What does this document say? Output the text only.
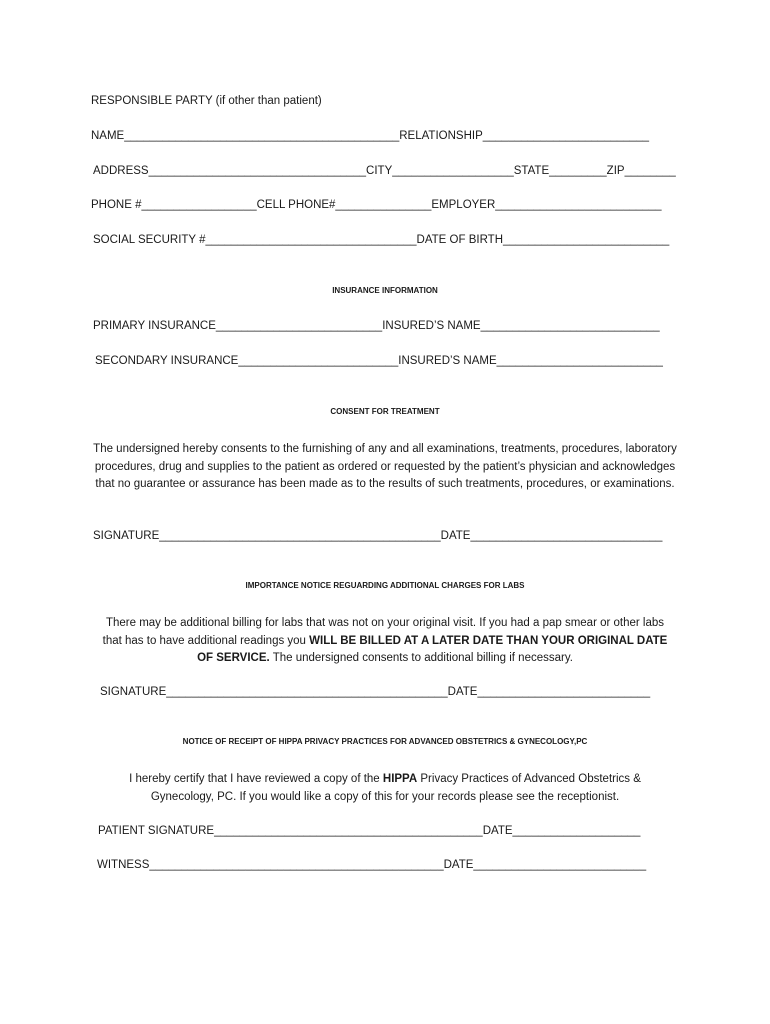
RESPONSIBLE PARTY (if other than patient)
NAME___________________________________________RELATIONSHIP__________________________
ADDRESS__________________________________CITY___________________STATE_________ZIP________
PHONE #__________________CELL PHONE#_______________EMPLOYER__________________________
SOCIAL SECURITY #_________________________________DATE OF BIRTH__________________________
INSURANCE INFORMATION
PRIMARY INSURANCE__________________________INSURED’S NAME____________________________
SECONDARY INSURANCE_________________________INSURED’S NAME__________________________
CONSENT FOR TREATMENT
The undersigned hereby consents to the furnishing of any and all examinations, treatments, procedures, laboratory procedures, drug and supplies to the patient as ordered or requested by the patient’s physician and acknowledges that no guarantee or assurance has been made as to the results of such treatments, procedures, or examinations.
SIGNATURE____________________________________________DATE______________________________
IMPORTANCE NOTICE REGUARDING ADDITIONAL CHARGES FOR LABS
There may be additional billing for labs that was not on your original visit. If you had a pap smear or other labs that has to have additional readings you WILL BE BILLED AT A LATER DATE THAN YOUR ORIGINAL DATE OF SERVICE. The undersigned consents to additional billing if necessary.
SIGNATURE____________________________________________DATE___________________________
NOTICE OF RECEIPT OF HIPPA PRIVACY PRACTICES FOR ADVANCED OBSTETRICS & GYNECOLOGY,PC
I hereby certify that I have reviewed a copy of the HIPPA Privacy Practices of Advanced Obstetrics & Gynecology, PC. If you would like a copy of this for your records please see the receptionist.
PATIENT SIGNATURE__________________________________________DATE____________________
WITNESS______________________________________________DATE___________________________
